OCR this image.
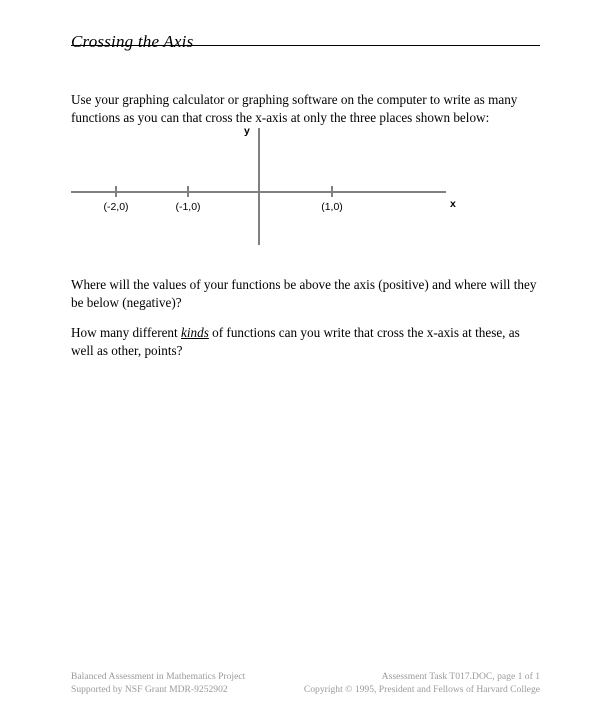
Crossing the Axis

Use your graphing calculator or graphing software on the computer to write as many functions as you can that cross the x-axis at only the three places shown below:

(-2,0)	(-1,0)	(1,0)
y
x

Where will the values of your functions be above the axis (positive) and where will they be below (negative)?

How many different kinds of functions can you write that cross the x-axis at these, as well as other, points?

Balanced Assessment in Mathematics Project
Supported by NSF Grant MDR-9252902
Assessment Task T017.DOC, page 1 of 1
Copyright © 1995, President and Fellows of Harvard College
